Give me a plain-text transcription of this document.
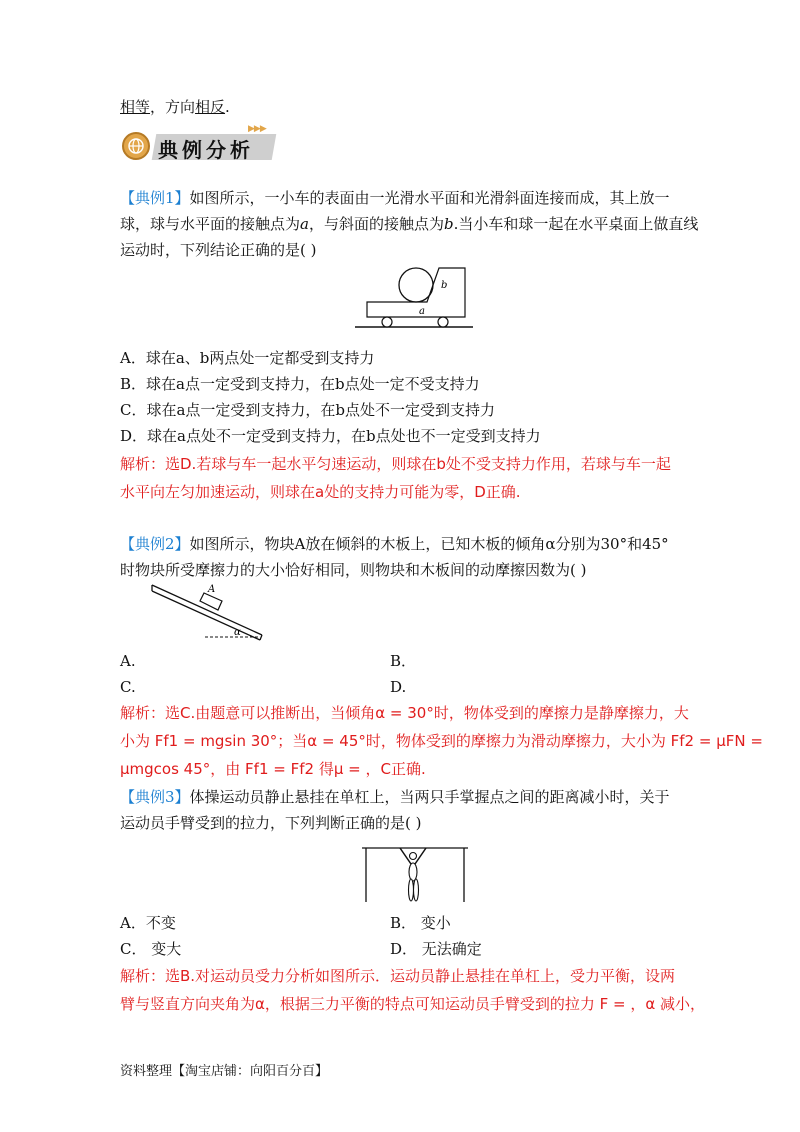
相等，方向相反.
典例分析
▶▶▶
【典例1】如图所示，一小车的表面由一光滑水平面和光滑斜面连接而成，其上放一
球，球与水平面的接触点为a，与斜面的接触点为b.当小车和球一起在水平桌面上做直线
运动时，下列结论正确的是( )
a
b
A．球在a、b两点处一定都受到支持力
B．球在a点一定受到支持力，在b点处一定不受支持力
C．球在a点一定受到支持力，在b点处不一定受到支持力
D．球在a点处不一定受到支持力，在b点处也不一定受到支持力
解析：选D.若球与车一起水平匀速运动，则球在b处不受支持力作用，若球与车一起
水平向左匀加速运动，则球在a处的支持力可能为零，D正确.
【典例2】如图所示，物块A放在倾斜的木板上，已知木板的倾角α分别为30°和45°
时物块所受摩擦力的大小恰好相同，则物块和木板间的动摩擦因数为( )
A
α
A.	B．
C.	D.
解析：选C.由题意可以推断出，当倾角α = 30°时，物体受到的摩擦力是静摩擦力，大
小为 Ff1 = mgsin 30°；当α = 45°时，物体受到的摩擦力为滑动摩擦力，大小为 Ff2 = μFN =
μmgcos 45°，由 Ff1 = Ff2 得μ = ，C正确.
【典例3】体操运动员静止悬挂在单杠上，当两只手掌握点之间的距离减小时，关于
运动员手臂受到的拉力，下列判断正确的是( )
A．不变	B． 变小
C． 变大	D． 无法确定
解析：选B.对运动员受力分析如图所示．运动员静止悬挂在单杠上，受力平衡，设两
臂与竖直方向夹角为α，根据三力平衡的特点可知运动员手臂受到的拉力 F = ，α 减小，
资料整理【淘宝店铺：向阳百分百】
